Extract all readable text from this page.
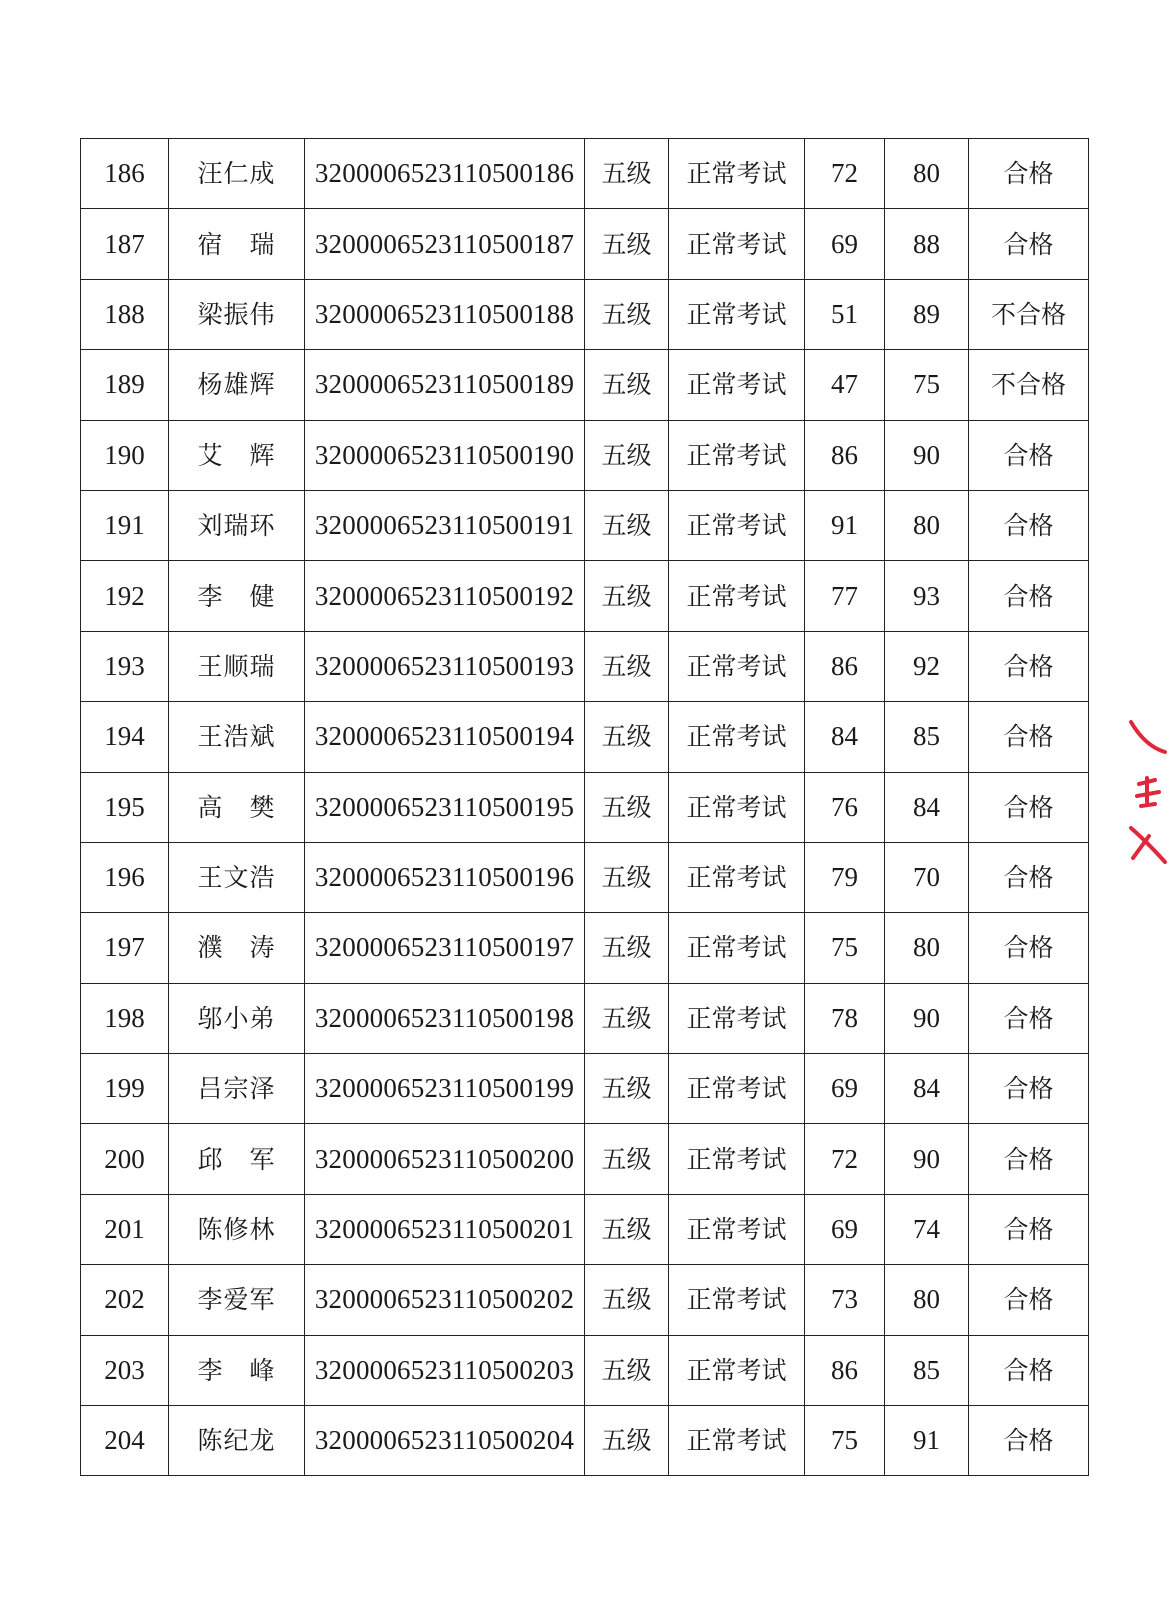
186	汪仁成	3200006523110500186	五级	正常考试	72	80	合格
187	宿　瑞	3200006523110500187	五级	正常考试	69	88	合格
188	梁振伟	3200006523110500188	五级	正常考试	51	89	不合格
189	杨雄辉	3200006523110500189	五级	正常考试	47	75	不合格
190	艾　辉	3200006523110500190	五级	正常考试	86	90	合格
191	刘瑞环	3200006523110500191	五级	正常考试	91	80	合格
192	李　健	3200006523110500192	五级	正常考试	77	93	合格
193	王顺瑞	3200006523110500193	五级	正常考试	86	92	合格
194	王浩斌	3200006523110500194	五级	正常考试	84	85	合格
195	高　樊	3200006523110500195	五级	正常考试	76	84	合格
196	王文浩	3200006523110500196	五级	正常考试	79	70	合格
197	濮　涛	3200006523110500197	五级	正常考试	75	80	合格
198	邬小弟	3200006523110500198	五级	正常考试	78	90	合格
199	吕宗泽	3200006523110500199	五级	正常考试	69	84	合格
200	邱　军	3200006523110500200	五级	正常考试	72	90	合格
201	陈修林	3200006523110500201	五级	正常考试	69	74	合格
202	李爱军	3200006523110500202	五级	正常考试	73	80	合格
203	李　峰	3200006523110500203	五级	正常考试	86	85	合格
204	陈纪龙	3200006523110500204	五级	正常考试	75	91	合格
